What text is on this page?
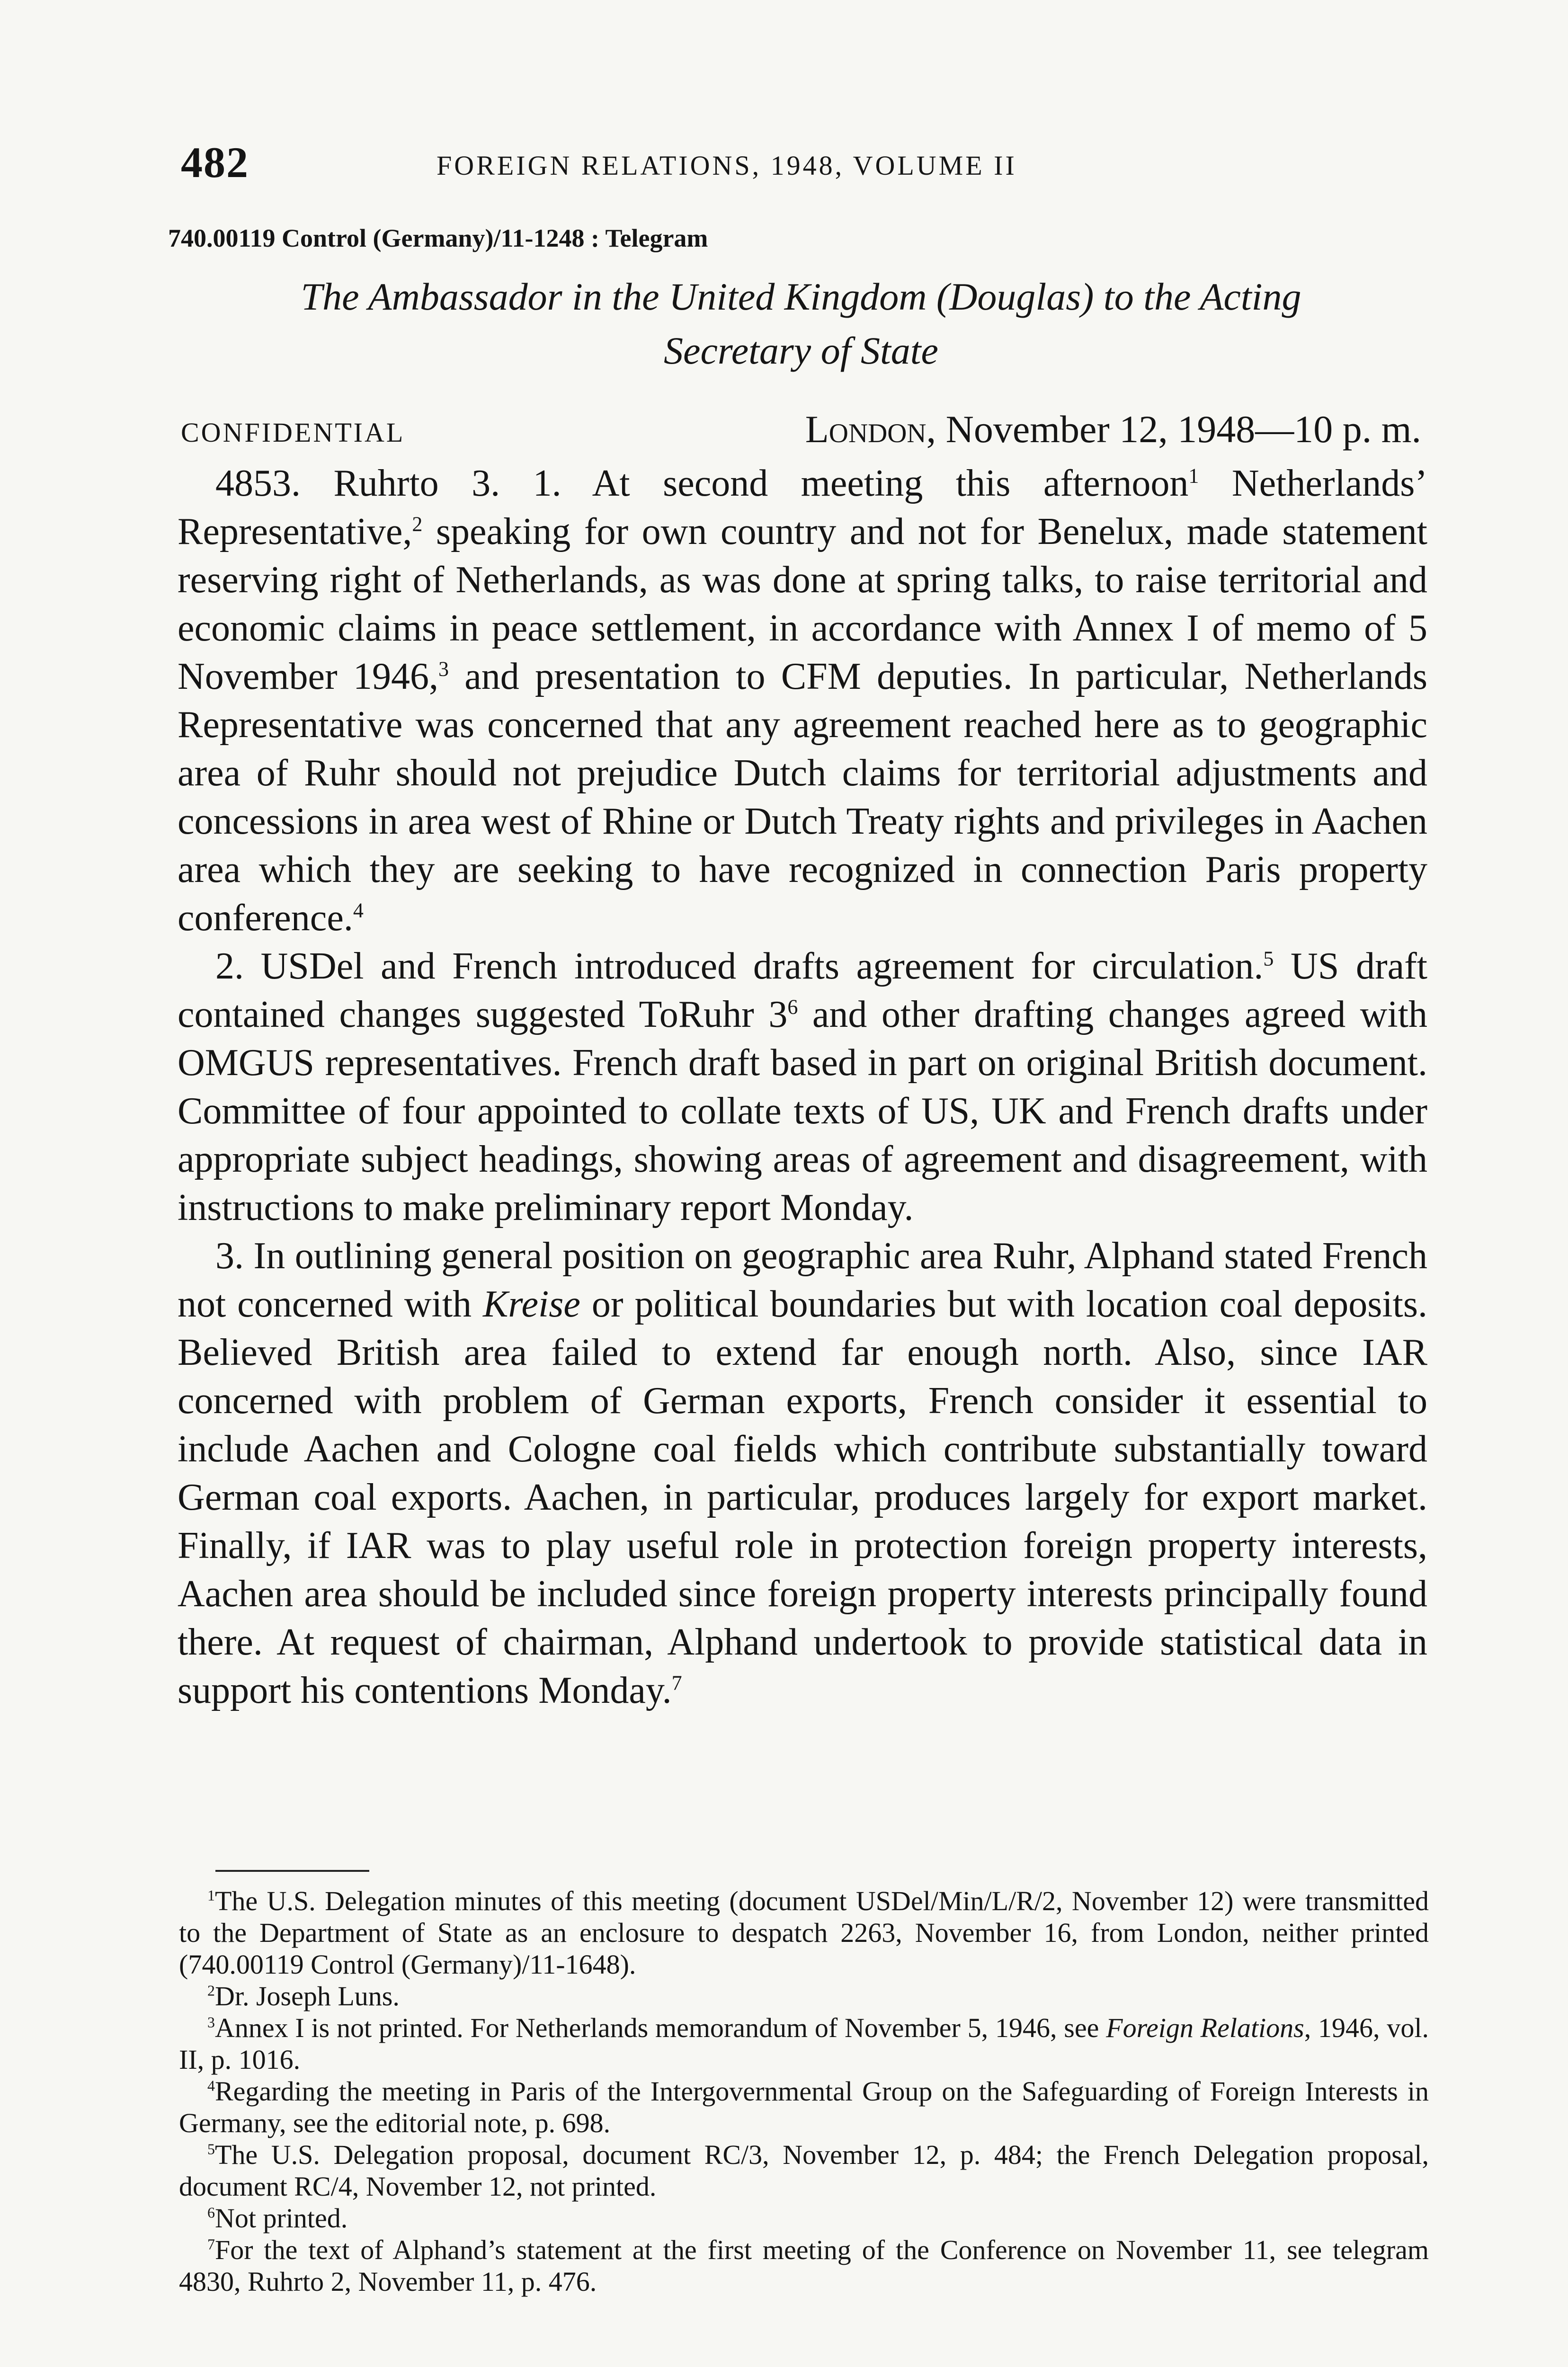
482	FOREIGN RELATIONS, 1948, VOLUME II
740.00119 Control (Germany)/11-1248 : Telegram
The Ambassador in the United Kingdom (Douglas) to the Acting
Secretary of State
CONFIDENTIAL	London, November 12, 1948—10 p. m.

4853. Ruhrto 3. 1. At second meeting this afternoon$^1$ Netherlands’ Representative,$^2$ speaking for own country and not for Benelux, made statement reserving right of Netherlands, as was done at spring talks, to raise territorial and economic claims in peace settlement, in accordance with Annex I of memo of 5 November 1946,$^3$ and presentation to CFM deputies. In particular, Netherlands Representative was concerned that any agreement reached here as to geographic area of Ruhr should not prejudice Dutch claims for territorial adjustments and concessions in area west of Rhine or Dutch Treaty rights and privileges in Aachen area which they are seeking to have recognized in connection Paris property conference.$^4$

2. USDel and French introduced drafts agreement for circulation.$^5$ US draft contained changes suggested ToRuhr $3^6$ and other drafting changes agreed with OMGUS representatives. French draft based in part on original British document. Committee of four appointed to collate texts of US, UK and French drafts under appropriate subject headings, showing areas of agreement and disagreement, with instructions to make preliminary report Monday.

3. In outlining general position on geographic area Ruhr, Alphand stated French not concerned with Kreise or political boundaries but with location coal deposits. Believed British area failed to extend far enough north. Also, since IAR concerned with problem of German exports, French consider it essential to include Aachen and Cologne coal fields which contribute substantially toward German coal exports. Aachen, in particular, produces largely for export market. Finally, if IAR was to play useful role in protection foreign property interests, Aachen area should be included since foreign property interests principally found there. At request of chairman, Alphand undertook to provide statistical data in support his contentions Monday.$^7$

$^1$The U.S. Delegation minutes of this meeting (document USDel/Min/L/R/2, November 12) were transmitted to the Department of State as an enclosure to despatch 2263, November 16, from London, neither printed (740.00119 Control (Germany)/11-1648).

$^2$Dr. Joseph Luns.

$^3$Annex I is not printed. For Netherlands memorandum of November 5, 1946, see Foreign Relations, 1946, vol. II, p. 1016.

$^4$Regarding the meeting in Paris of the Intergovernmental Group on the Safeguarding of Foreign Interests in Germany, see the editorial note, p. 698.

$^5$The U.S. Delegation proposal, document RC/3, November 12, p. 484; the French Delegation proposal, document RC/4, November 12, not printed.

$^6$Not printed.

$^7$For the text of Alphand’s statement at the first meeting of the Conference on November 11, see telegram 4830, Ruhrto 2, November 11, p. 476.
